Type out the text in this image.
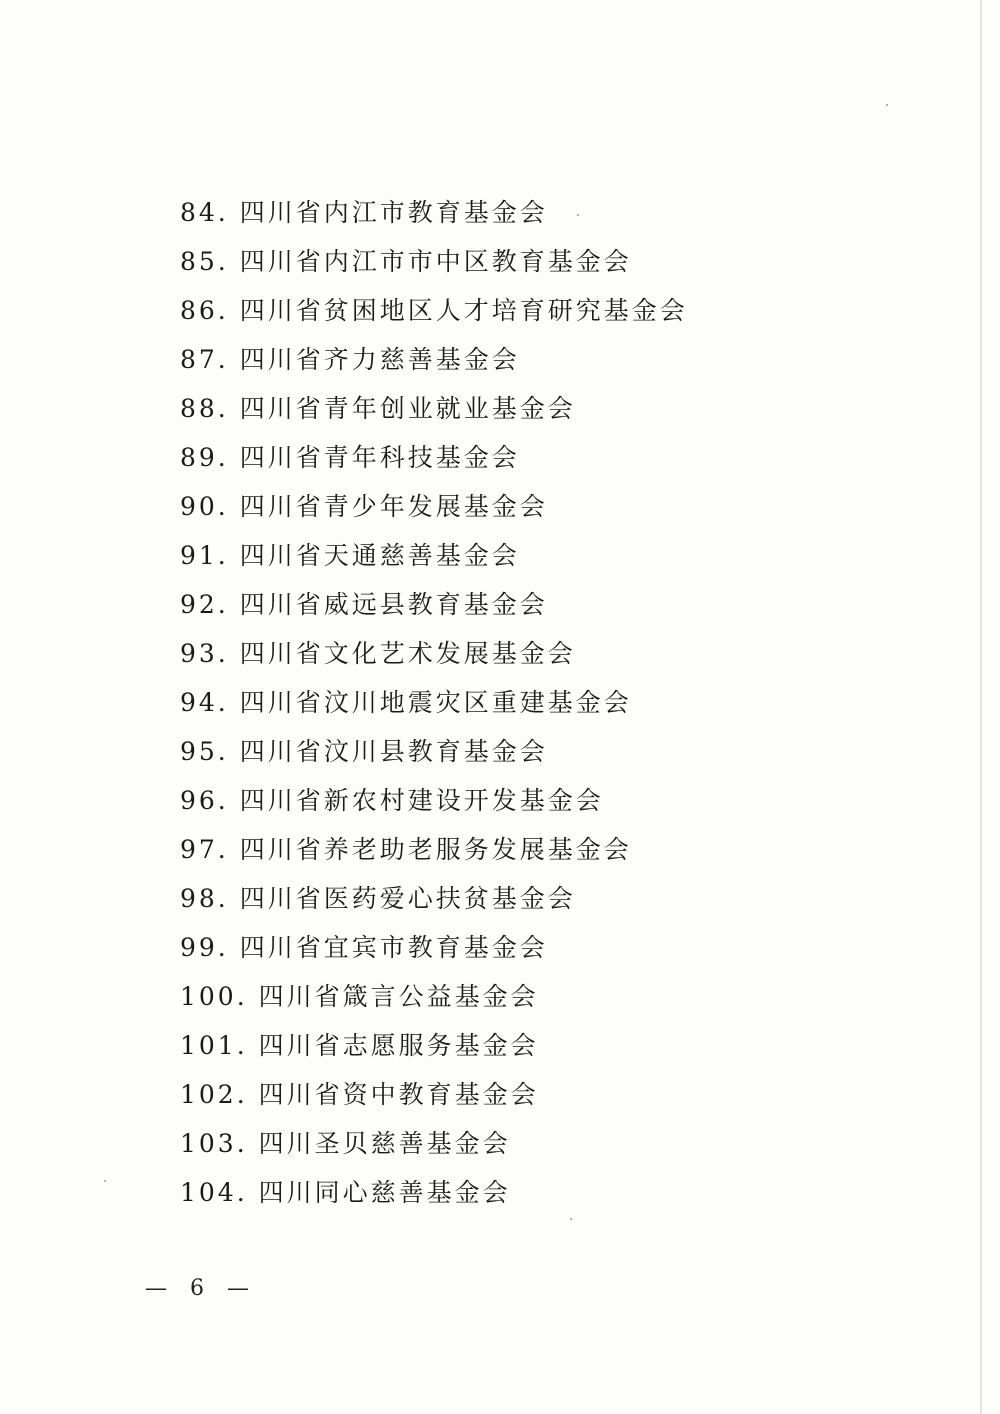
84. 四川省内江市教育基金会
85. 四川省内江市市中区教育基金会
86. 四川省贫困地区人才培育研究基金会
87. 四川省齐力慈善基金会
88. 四川省青年创业就业基金会
89. 四川省青年科技基金会
90. 四川省青少年发展基金会
91. 四川省天通慈善基金会
92. 四川省威远县教育基金会
93. 四川省文化艺术发展基金会
94. 四川省汶川地震灾区重建基金会
95. 四川省汶川县教育基金会
96. 四川省新农村建设开发基金会
97. 四川省养老助老服务发展基金会
98. 四川省医药爱心扶贫基金会
99. 四川省宜宾市教育基金会
100. 四川省箴言公益基金会
101. 四川省志愿服务基金会
102. 四川省资中教育基金会
103. 四川圣贝慈善基金会
104. 四川同心慈善基金会
— 6 —
